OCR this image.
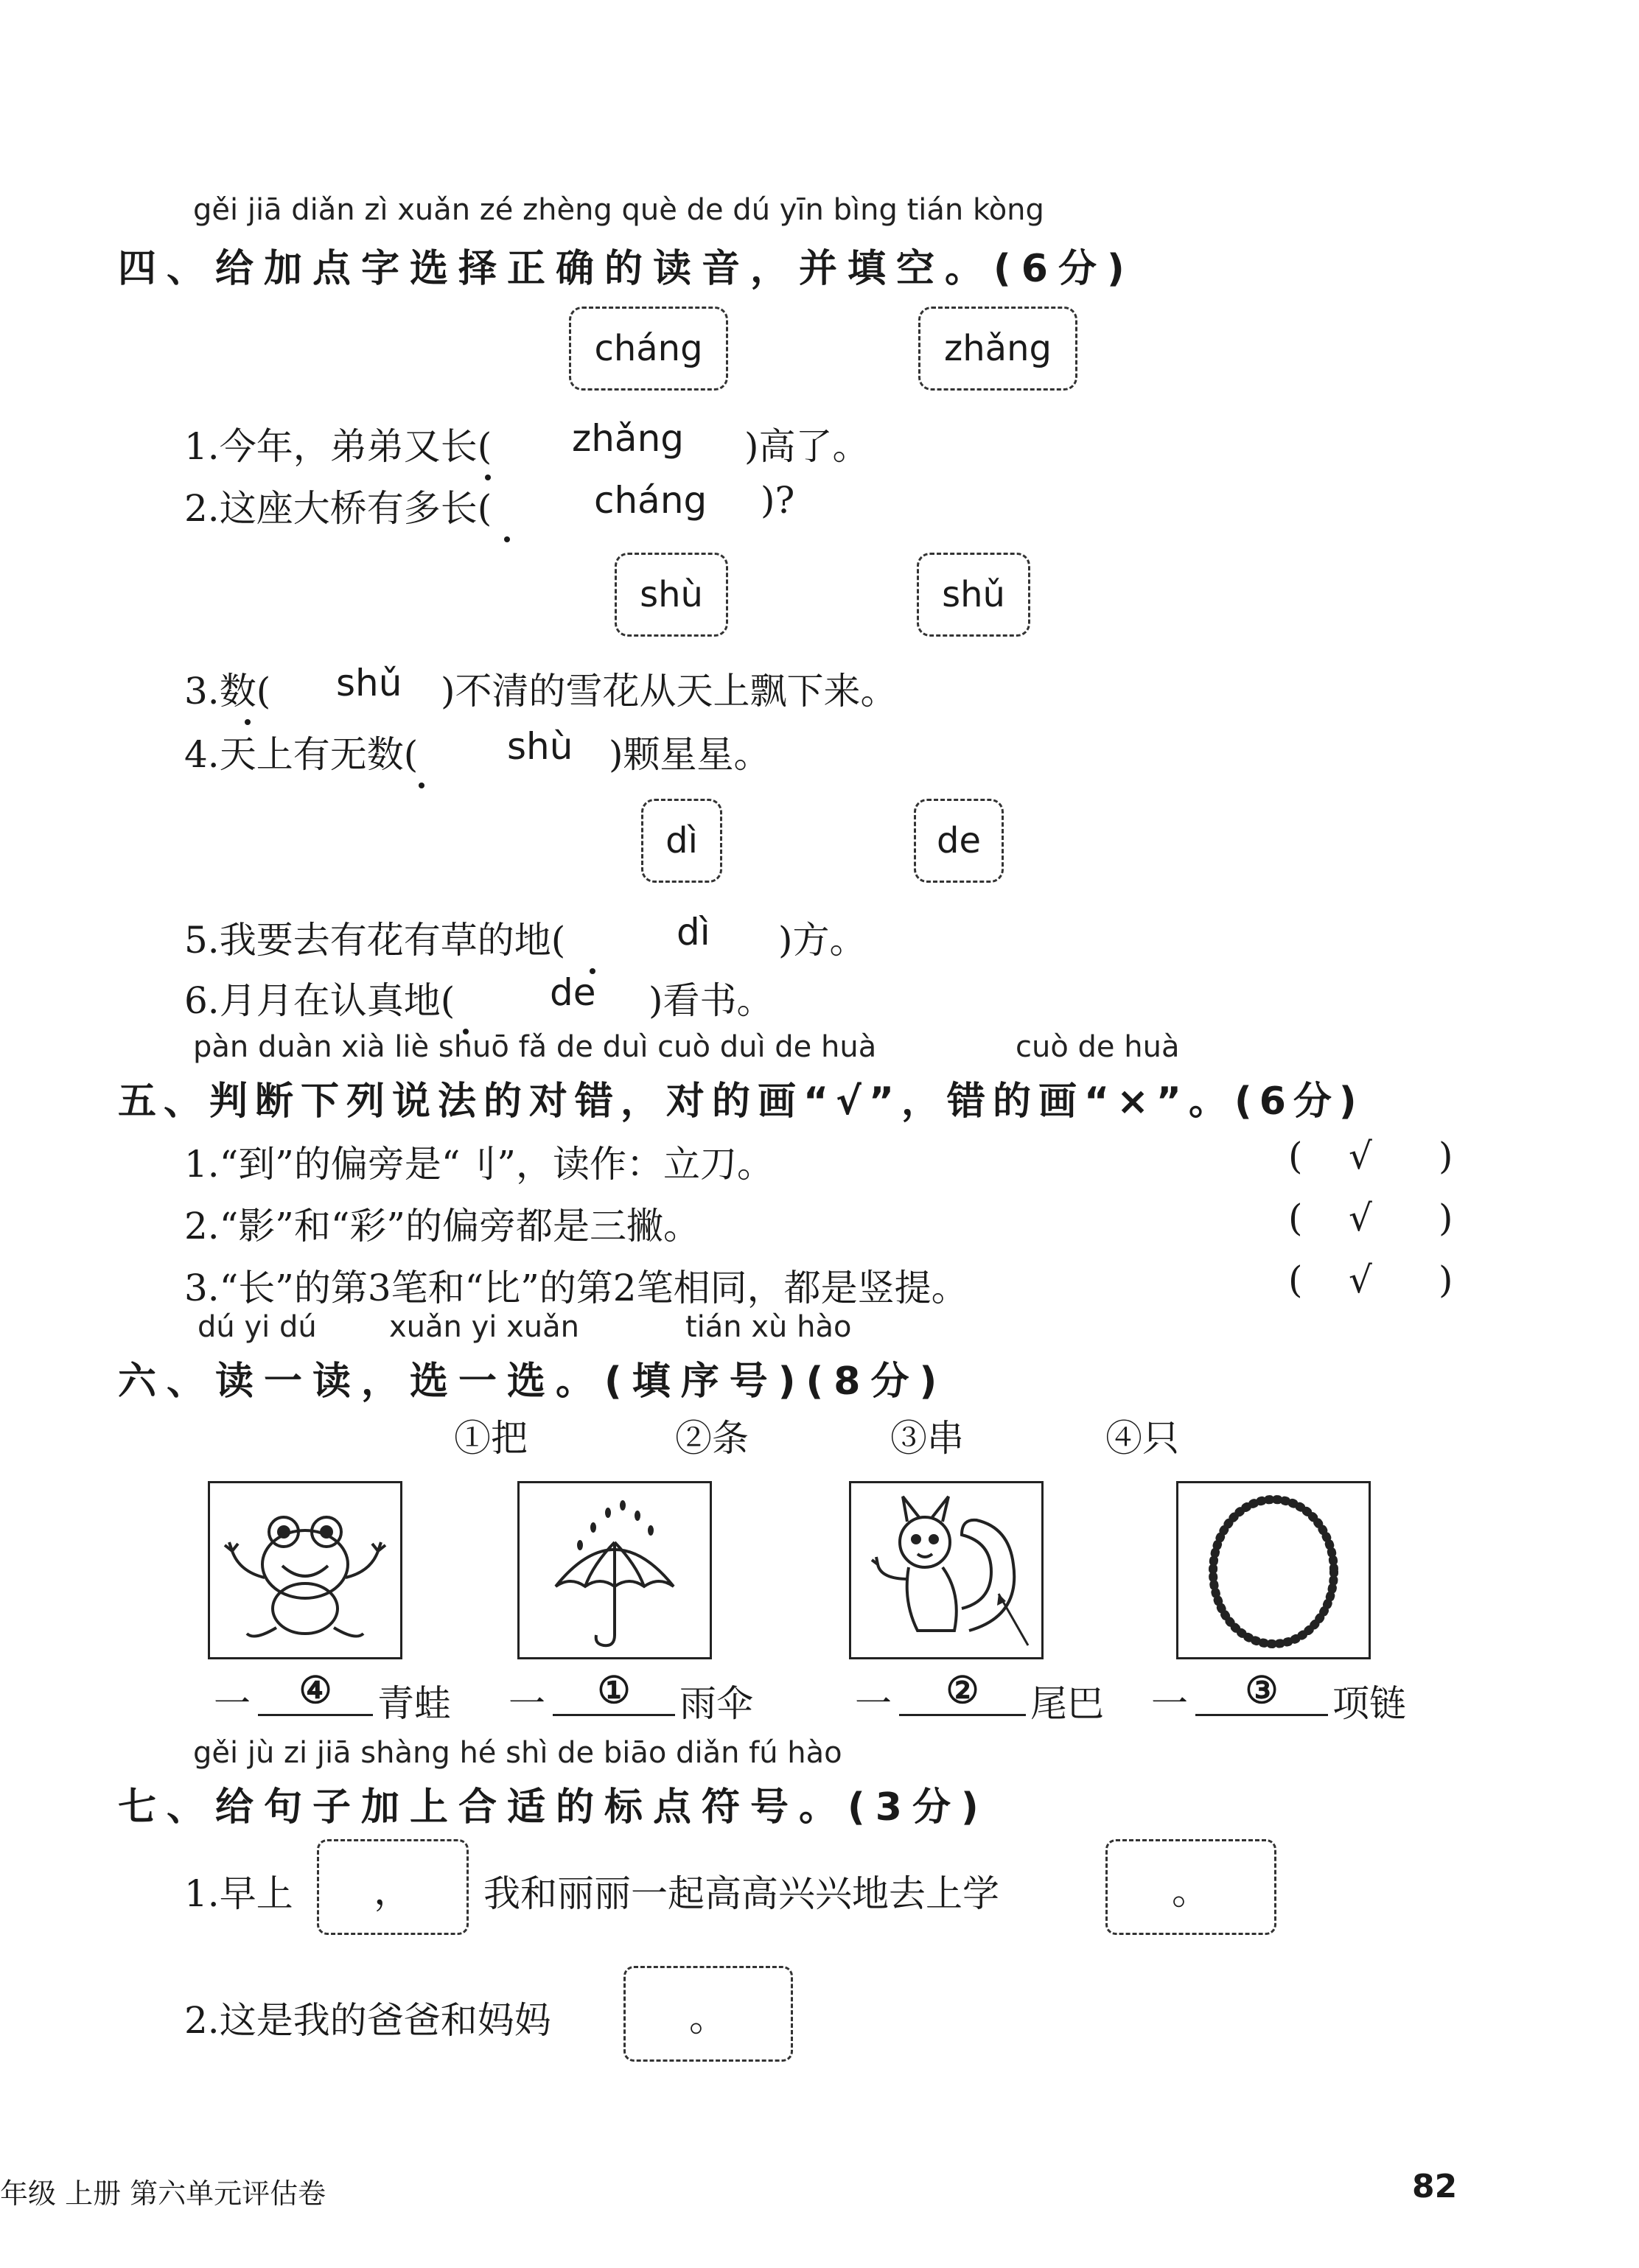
gěi jiā diǎn zì xuǎn zé zhèng què de dú yīn bìng tián kòng
四、给加点字选择正确的读音，并填空。(6分)
cháng	zhǎng
1.今年，弟弟又长( zhǎng )高了。
2.这座大桥有多长(	cháng )?
shù	shǔ
3.数( shǔ )不清的雪花从天上飘下来。
4.天上有无数( shù )颗星星。
dì	de
5.我要去有花有草的地(	dì )方。
6.月月在认真地(	de )看书。
pàn duàn xià liè shuō fǎ de duì cuò duì de huà	cuò de huà
五、判断下列说法的对错，对的画“√”，错的画“×”。(6分)
1.“到”的偏旁是“刂”，读作：立刀。	( √ )
2.“影”和“彩”的偏旁都是三撇。	( √ )
3.“长”的第3笔和“比”的第2笔相同，都是竖提。	( √ )
dú yi dú xuǎn yi xuǎn	tián xù hào
六、读一读，选一选。(填序号)(8分)
①把	②条	③串	④只
一	④	青蛙 一	①	雨伞	一	②	尾巴 一	③	项链
gěi jù zi jiā shàng hé shì de biāo diǎn fú hào
七、给句子加上合适的标点符号。(3分)
1.早上	，	我和丽丽一起高高兴兴地去上学	。
2.这是我的爸爸和妈妈	。
年级 上册 第六单元评估卷	82
